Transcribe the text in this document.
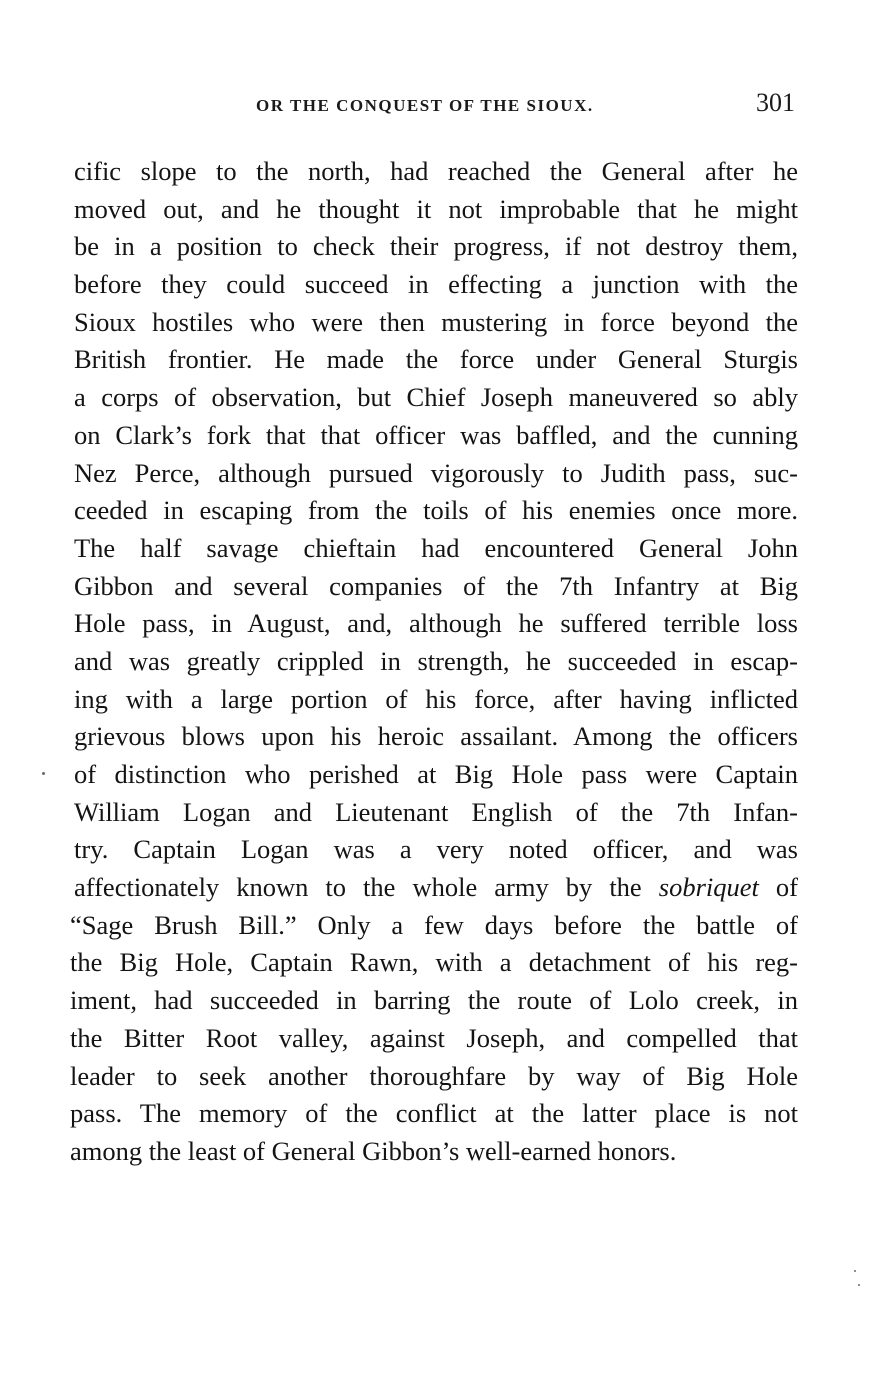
OR THE CONQUEST OF THE SIOUX.	301
cific slope to the north, had reached the General after he
moved out, and he thought it not improbable that he might
be in a position to check their progress, if not destroy them,
before they could succeed in effecting a junction with the
Sioux hostiles who were then mustering in force beyond the
British frontier. He made the force under General Sturgis
a corps of observation, but Chief Joseph maneuvered so ably
on Clark’s fork that that officer was baffled, and the cunning
Nez Perce, although pursued vigorously to Judith pass, suc-
ceeded in escaping from the toils of his enemies once more.
The half savage chieftain had encountered General John
Gibbon and several companies of the 7th Infantry at Big
Hole pass, in August, and, although he suffered terrible loss
and was greatly crippled in strength, he succeeded in escap-
ing with a large portion of his force, after having inflicted
grievous blows upon his heroic assailant. Among the officers
of distinction who perished at Big Hole pass were Captain
William Logan and Lieutenant English of the 7th Infan-
try. Captain Logan was a very noted officer, and was
affectionately known to the whole army by the sobriquet of
“Sage Brush Bill.” Only a few days before the battle of
the Big Hole, Captain Rawn, with a detachment of his reg-
iment, had succeeded in barring the route of Lolo creek, in
the Bitter Root valley, against Joseph, and compelled that
leader to seek another thoroughfare by way of Big Hole
pass. The memory of the conflict at the latter place is not
among the least of General Gibbon’s well-earned honors.
